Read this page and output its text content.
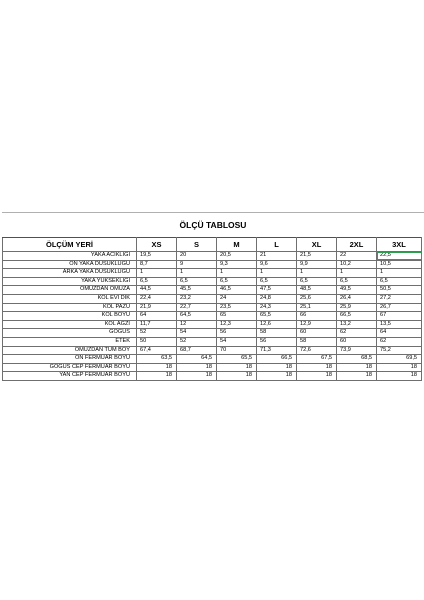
ÖLÇÜ TABLOSU
ÖLÇÜM YERİ	XS	S	M	L	XL	2XL	3XL
YAKA ACIKLIGI	19,5	20	20,5	21	21,5	22	22,5
ON YAKA DUSUKLUGU	8,7	9	9,3	9,6	9,9	10,2	10,5
ARKA YAKA DUSUKLUGU	1	1	1	1	1	1	1
YAKA YUKSEKLIGI	6,5	6,5	6,5	6,5	6,5	6,5	6,5
OMUZDAN OMUZA	44,5	45,5	46,5	47,5	48,5	49,5	50,5
KOL EVI DIK	22,4	23,2	24	24,8	25,6	26,4	27,2
KOL PAZU	21,9	22,7	23,5	24,3	25,1	25,9	26,7
KOL BOYU	64	64,5	65	65,5	66	66,5	67
KOL AGZI	11,7	12	12,3	12,6	12,9	13,2	13,5
GOGUS	52	54	56	58	60	62	64
ETEK	50	52	54	56	58	60	62
OMUZDAN TUM BOY	67,4	68,7	70	71,3	72,6	73,9	75,2
ON FERMUAR BOYU	63,5	64,5	65,5	66,5	67,5	68,5	69,5
GOGUS CEP FERMUAR BOYU	18	18	18	18	18	18	18
YAN CEP FERMUAR BOYU	18	18	18	18	18	18	18
